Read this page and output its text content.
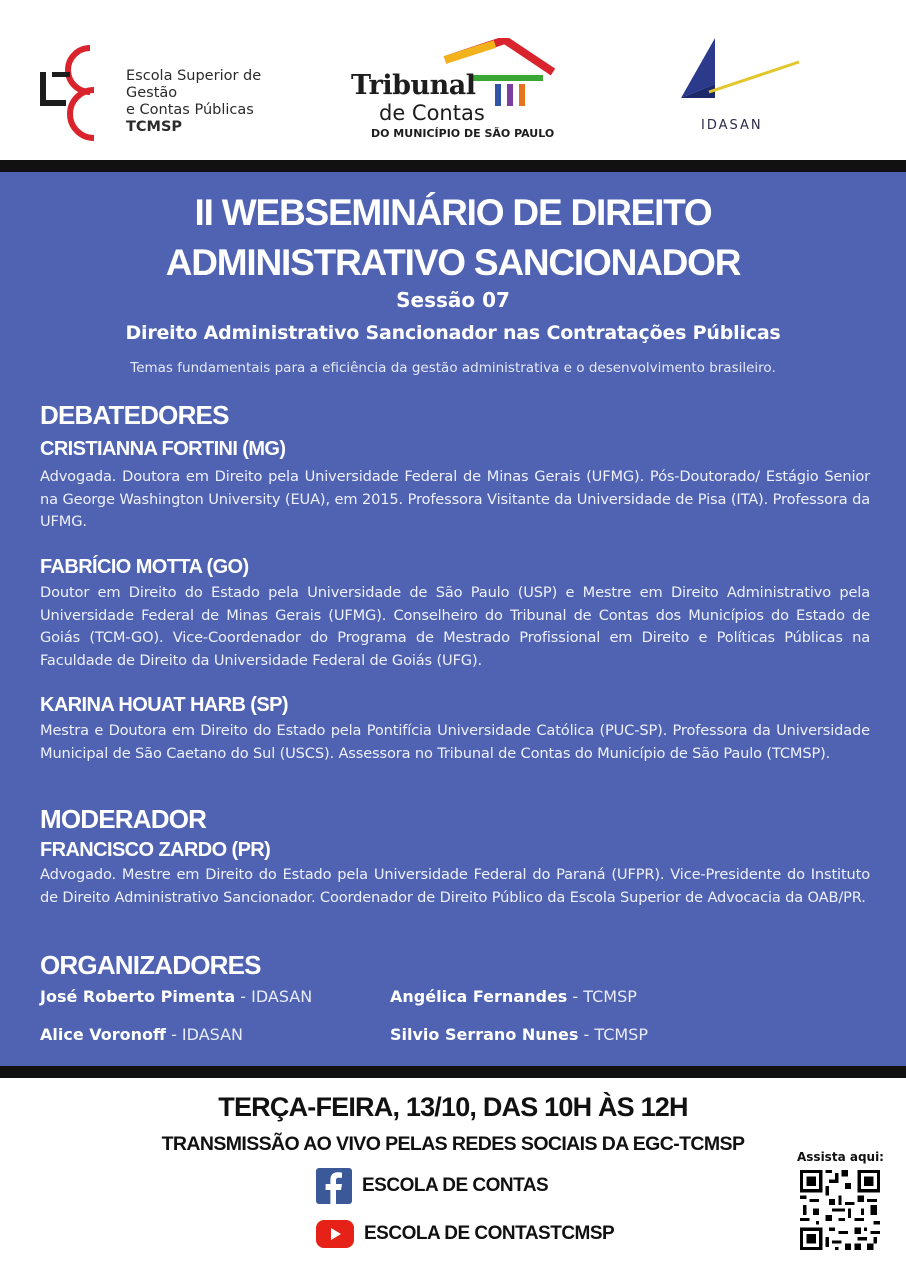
Escola Superior de Gestão
e Contas Públicas
TCMSP
Tribunal
de Contas
DO MUNICÍPIO DE SÃO PAULO
IDASAN
II WEBSEMINÁRIO DE DIREITO
ADMINISTRATIVO SANCIONADOR
Sessão 07
Direito Administrativo Sancionador nas Contratações Públicas
Temas fundamentais para a eficiência da gestão administrativa e o desenvolvimento brasileiro.
DEBATEDORES
CRISTIANNA FORTINI (MG)
Advogada. Doutora em Direito pela Universidade Federal de Minas Gerais (UFMG). Pós-Doutorado/ Estágio Senior na George Washington University (EUA), em 2015. Professora Visitante da Universidade de Pisa (ITA). Professora da UFMG.
FABRÍCIO MOTTA (GO)
Doutor em Direito do Estado pela Universidade de São Paulo (USP) e Mestre em Direito Administrativo pela Universidade Federal de Minas Gerais (UFMG). Conselheiro do Tribunal de Contas dos Municípios do Estado de Goiás (TCM-GO). Vice-Coordenador do Programa de Mestrado Profissional em Direito e Políticas Públicas na Faculdade de Direito da Universidade Federal de Goiás (UFG).
KARINA HOUAT HARB (SP)
Mestra e Doutora em Direito do Estado pela Pontifícia Universidade Católica (PUC-SP). Professora da Universidade Municipal de São Caetano do Sul (USCS). Assessora no Tribunal de Contas do Município de São Paulo (TCMSP).
MODERADOR
FRANCISCO ZARDO (PR)
Advogado. Mestre em Direito do Estado pela Universidade Federal do Paraná (UFPR). Vice-Presidente do Instituto de Direito Administrativo Sancionador. Coordenador de Direito Público da Escola Superior de Advocacia da OAB/PR.
ORGANIZADORES
José Roberto Pimenta - IDASAN	Angélica Fernandes - TCMSP
Alice Voronoff - IDASAN	Silvio Serrano Nunes - TCMSP
TERÇA-FEIRA, 13/10, DAS 10H ÀS 12H
TRANSMISSÃO AO VIVO PELAS REDES SOCIAIS DA EGC-TCMSP
ESCOLA DE CONTAS
ESCOLA DE CONTASTCMSP
Assista aqui:
